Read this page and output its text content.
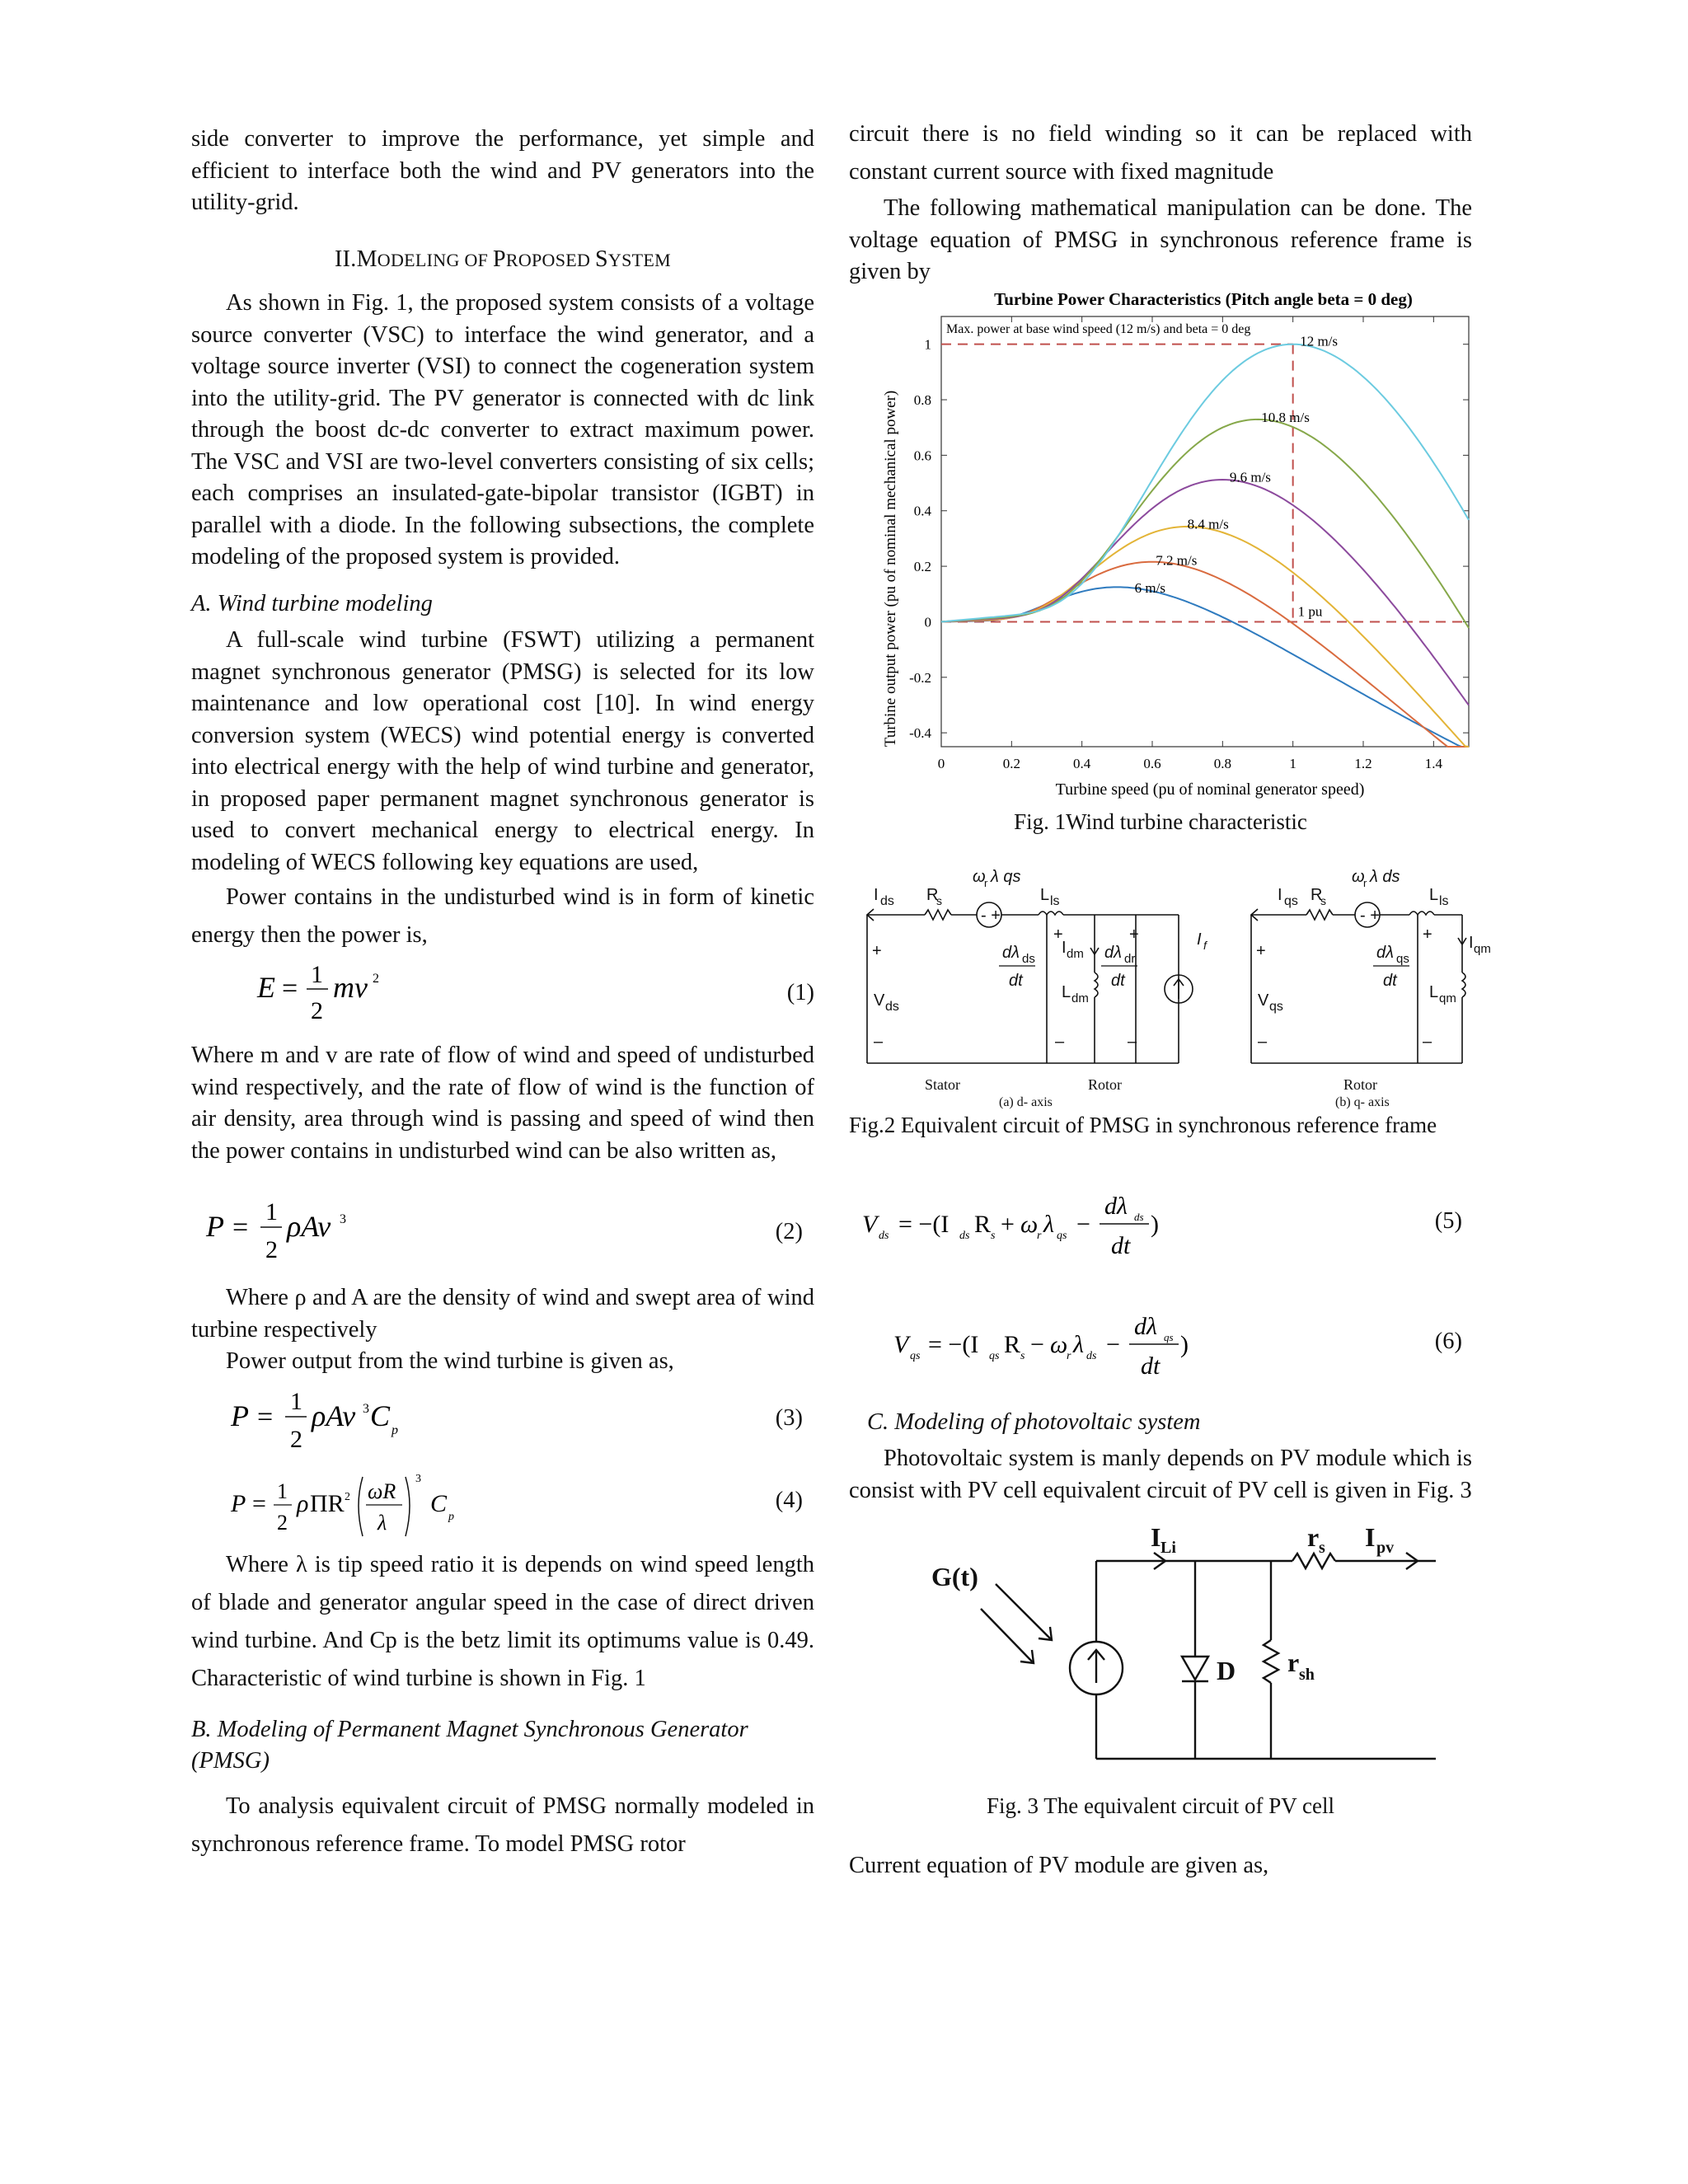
side converter to improve the performance, yet simple and efficient to interface both the wind and PV generators into the utility-grid.

II.MODELING OF PROPOSED SYSTEM

As shown in Fig. 1, the proposed system consists of a voltage source converter (VSC) to interface the wind generator, and a voltage source inverter (VSI) to connect the cogeneration system into the utility-grid. The PV generator is connected with dc link through the boost dc-dc converter to extract maximum power. The VSC and VSI are two-level converters consisting of six cells; each comprises an insulated-gate-bipolar transistor (IGBT) in parallel with a diode. In the following subsections, the complete modeling of the proposed system is provided.

A. Wind turbine modeling

A full-scale wind turbine (FSWT) utilizing a permanent magnet synchronous generator (PMSG) is selected for its low maintenance and low operational cost [10]. In wind energy conversion system (WECS) wind potential energy is converted into electrical energy with the help of wind turbine and generator, in proposed paper permanent magnet synchronous generator is used to convert mechanical energy to electrical energy. In modeling of WECS following key equations are used,

Power contains in the undisturbed wind is in form of kinetic energy then the power is,

E = 1
2
mv 2
(1)

Where m and v are rate of flow of wind and speed of undisturbed wind respectively, and the rate of flow of wind is the function of air density, area through wind is passing and speed of wind then the power contains in undisturbed wind can be also written as,

P =
1
2
ρAv 3	(2)

Where ρ and A are the density of wind and swept area of wind turbine respectively

Power output from the wind turbine is given as,

P =
1
2
ρAv 3 C p	(3)
P = 1
2
ρ ΠR 2 ωR
λ
3
C p
(4)

Where λ is tip speed ratio it is depends on wind speed length of blade and generator angular speed in the case of direct driven wind turbine. And Cp is the betz limit its optimums value is 0.49. Characteristic of wind turbine is shown in Fig. 1

B. Modeling of Permanent Magnet Synchronous Generator (PMSG)

To analysis equivalent circuit of PMSG normally modeled in synchronous reference frame. To model PMSG rotor

circuit there is no field winding so it can be replaced with constant current source with fixed magnitude

The following mathematical manipulation can be done. The voltage equation of PMSG in synchronous reference frame is given by

Turbine Power Characteristics (Pitch angle beta = 0 deg)
Turbine output power (pu of nominal mechanical power)
Turbine speed (pu of nominal generator speed)
0	0.2	0.4	0.6	0.8	1	1.2	1.4
-0.4
-0.2
0
0.2
0.4
0.6
0.8
1
6 m/s
7.2 m/s
8.4 m/s
9.6 m/s
10.8 m/s
12 m/s
Max. power at base wind speed (12 m/s) and beta = 0 deg
1 pu
Fig. 1Wind turbine characteristic
- +	- +
ω
r λ qs	ω
r λ ds
I ds R
s	L ls
+
V ds
–
+
dλ ds
dt
–
I dm
L dm
+
dλ dr
dt
–
I f
Stator	Rotor
(a) d- axis
I qs R
s	L ls
+
V qs
–
+
dλ qs
dt
–
I qm
L qm
Rotor
(b) q- axis
Fig.2 Equivalent circuit of PMSG in synchronous reference frame
V ds = −(I ds R s + ω
r λ qs −
dλ ds
dt
)	(5)
V qs = −(I qs R s − ω
r λ ds −
dλ qs
dt
)	(6)
C. Modeling of photovoltaic system

Photovoltaic system is manly depends on PV module which is consist with PV cell equivalent circuit of PV cell is given in Fig. 3

G(t)
I Li	r s I pv
D r sh
Fig. 3 The equivalent circuit of PV cell

Current equation of PV module are given as,
